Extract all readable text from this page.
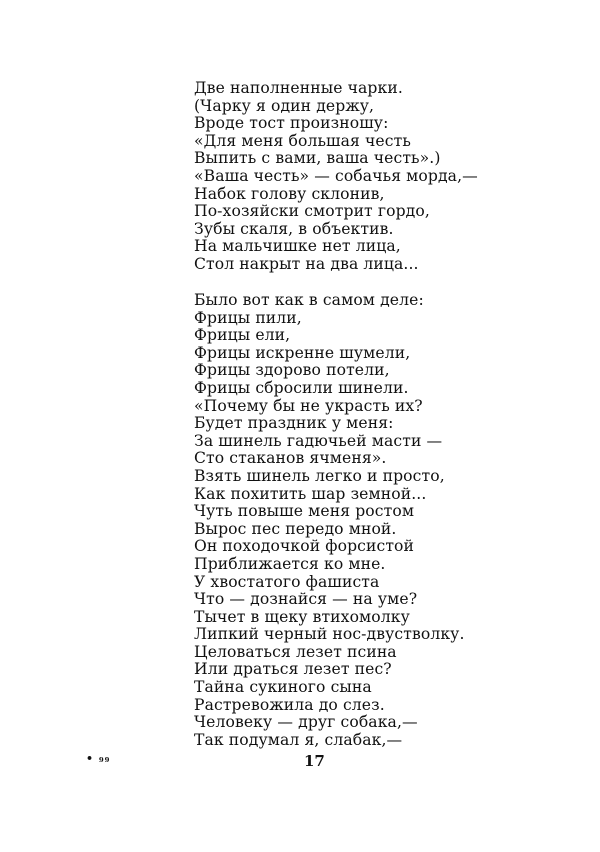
Две наполненные чарки.
(Чарку я один держу,
Вроде тост произношу:
«Для меня большая честь
Выпить с вами, ваша честь».)
«Ваша честь» — собачья морда,—
Набок голову склонив,
По-хозяйски смотрит гордо,
Зубы скаля, в объектив.
На мальчишке нет лица,
Стол накрыт на два лица...
Было вот как в самом деле:
Фрицы пили,
Фрицы ели,
Фрицы искренне шумели,
Фрицы здорово потели,
Фрицы сбросили шинели.
«Почему бы не украсть их?
Будет праздник у меня:
За шинель гадючьей масти —
Сто стаканов ячменя».
Взять шинель легко и просто,
Как похитить шар земной...
Чуть повыше меня ростом
Вырос пес передо мной.
Он походочкой форсистой
Приближается ко мне.
У хвостатого фашиста
Что — дознайся — на уме?
Тычет в щеку втихомолку
Липкий черный нос-двустволку.
Целоваться лезет псина
Или драться лезет пес?
Тайна сукиного сына
Растревожила до слез.
Человеку — друг собака,—
Так подумал я, слабак,—
• ₉₉	17
